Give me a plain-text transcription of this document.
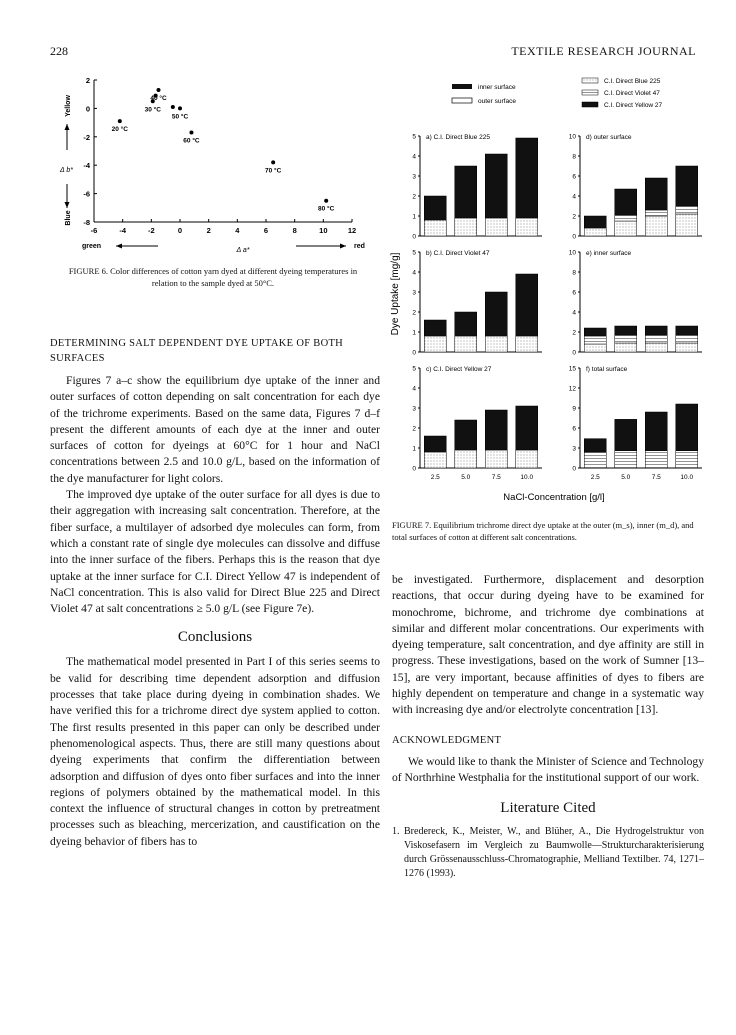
228	TEXTILE RESEARCH JOURNAL
-6	-4	-2	0	2	4	6	8	10	12
2
0
-2
-4
-6
-8
20 °C
30 °C
40 °C
50 °C
60 °C
70 °C
80 °C
green
Δ a*
red
Yellow
Δ b*
Blue
FIGURE 6. Color differences of cotton yarn dyed at different dyeing temperatures in relation to the sample dyed at 50°C.
inner surface
outer surface
C.I. Direct Blue 225
C.I. Direct Violet 47
C.I. Direct Yellow 27
5
4
3
2
1
0
a) C.I. Direct Blue 225	10
8
6
4
2
0
d) outer surface
5
4
3
2
1
0
b) C.I. Direct Violet 47	10
8
6
4
2
0
e) inner surface
5
4
3
2
1
0
c) C.I. Direct Yellow 27
2.5	5.0	7.5	10.0
15
12
9
6
3
0
f) total surface
2.5	5.0	7.5	10.0
Dye Uptake [mg/g]
NaCl-Concentration [g/l]
FIGURE 7. Equilibrium trichrome direct dye uptake at the outer (m_s), inner (m_d), and total surfaces of cotton at different salt concentrations.
DETERMINING SALT DEPENDENT DYE UPTAKE OF BOTH
SURFACES

Figures 7 a–c show the equilibrium dye uptake of the inner and outer surfaces of cotton depending on salt concentration for each dye of the trichrome experiments. Based on the same data, Figures 7 d–f present the different amounts of each dye at the inner and outer surfaces of cotton for dyeings at 60°C for 1 hour and NaCl concentrations between 2.5 and 10.0 g/L, based on the information of the dye manufacturer for light colors.

The improved dye uptake of the outer surface for all dyes is due to their aggregation with increasing salt concentration. Therefore, at the fiber surface, a multilayer of adsorbed dye molecules can form, from which a constant rate of single dye molecules can dissolve and diffuse into the inner surface of the fibers. Perhaps this is the reason that dye uptake at the inner surface for C.I. Direct Yellow 47 is independent of NaCl concentration. This is also valid for Direct Blue 225 and Direct Violet 47 at salt concentrations ≥ 5.0 g/L (see Figure 7e).

Conclusions

The mathematical model presented in Part I of this series seems to be valid for describing time dependent adsorption and diffusion processes that take place during dyeing in combination shades. We have verified this for a trichrome direct dye system applied to cotton. The first results presented in this paper can only be described under phenomenological aspects. Thus, there are still many questions about dyeing experiments that confirm the differentiation between adsorption and diffusion of dyes onto fiber surfaces and into the inner regions of polymers obtained by the mathematical model. In this context the influence of structural changes in cotton by pretreatment processes such as bleaching, mercerization, and caustification on the dyeing behavior of fibers has to

be investigated. Furthermore, displacement and desorption reactions, that occur during dyeing have to be examined for monochrome, bichrome, and trichrome dye combinations at similar and different molar concentrations. Our experiments with dyeing temperature, salt concentration, and dye affinity are still in progress. These investigations, based on the work of Sumner [13–15], are very important, because affinities of dyes to fibers are highly dependent on temperature and change in a systematic way with increasing dye and/or electrolyte concentration [13].

ACKNOWLEDGMENT

We would like to thank the Minister of Science and Technology of Northrhine Westphalia for the institutional support of our work.

Literature Cited
1. Bredereck, K., Meister, W., and Blüher, A., Die Hydrogelstruktur von Viskosefasern im Vergleich zu Baumwolle—Strukturcharakterisierung durch Grössenausschluss-Chromatographie, Melliand Textilber. 74, 1271–1276 (1993).
